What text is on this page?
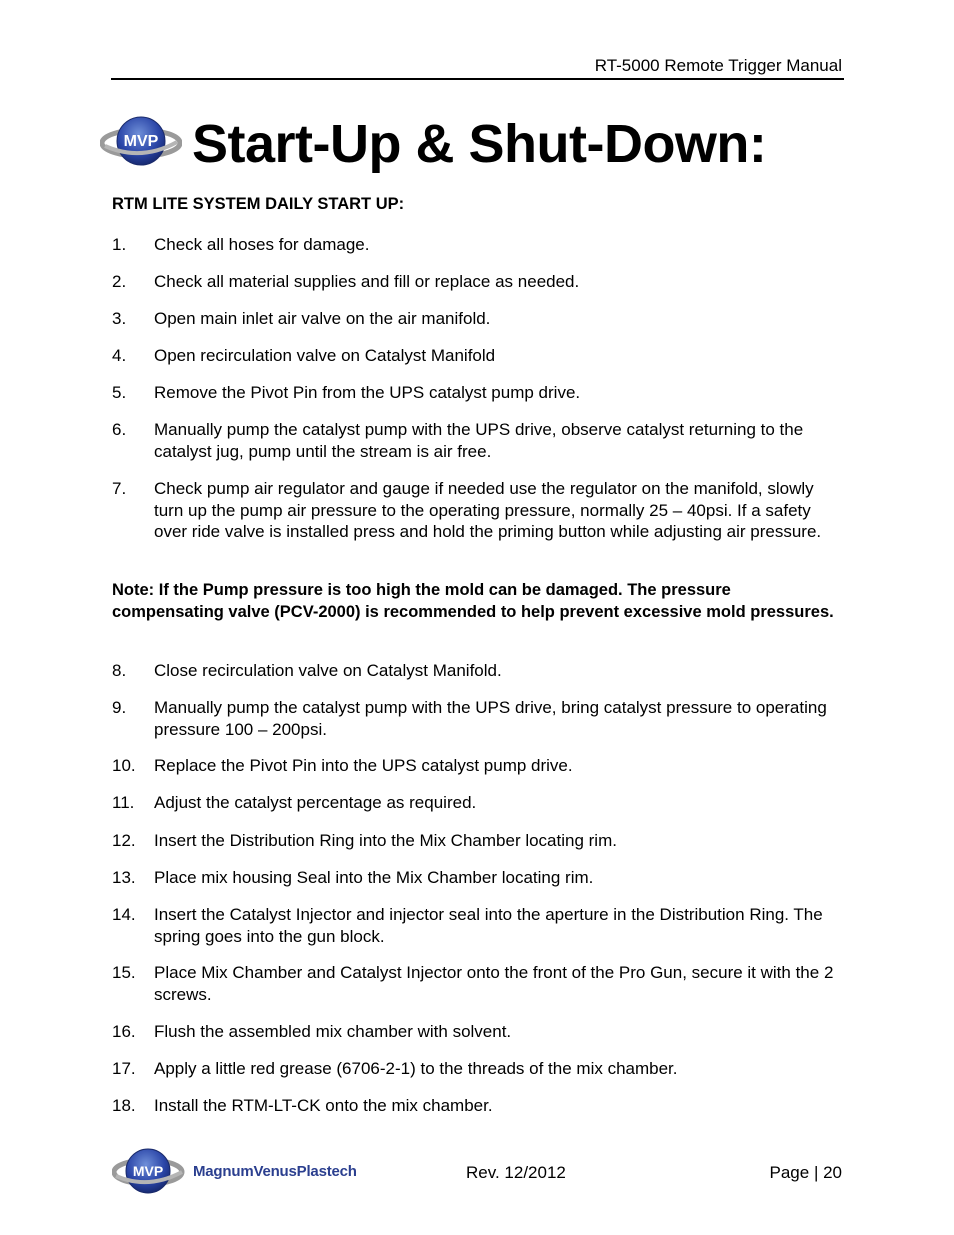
RT-5000 Remote Trigger Manual
MVP Start-Up & Shut-Down:
RTM LITE SYSTEM DAILY START UP:
1. Check all hoses for damage.
2. Check all material supplies and fill or replace as needed.
3. Open main inlet air valve on the air manifold.
4. Open recirculation valve on Catalyst Manifold
5. Remove the Pivot Pin from the UPS catalyst pump drive.
6. Manually pump the catalyst pump with the UPS drive, observe catalyst returning to the catalyst jug, pump until the stream is air free.
7. Check pump air regulator and gauge if needed use the regulator on the manifold, slowly turn up the pump air pressure to the operating pressure, normally 25 – 40psi. If a safety over ride valve is installed press and hold the priming button while adjusting air pressure.
Note: If the Pump pressure is too high the mold can be damaged. The pressure compensating valve (PCV-2000) is recommended to help prevent excessive mold pressures.
8. Close recirculation valve on Catalyst Manifold.
9. Manually pump the catalyst pump with the UPS drive, bring catalyst pressure to operating pressure 100 – 200psi.
10. Replace the Pivot Pin into the UPS catalyst pump drive.
11. Adjust the catalyst percentage as required.
12. Insert the Distribution Ring into the Mix Chamber locating rim.
13. Place mix housing Seal into the Mix Chamber locating rim.
14. Insert the Catalyst Injector and injector seal into the aperture in the Distribution Ring. The spring goes into the gun block.
15. Place Mix Chamber and Catalyst Injector onto the front of the Pro Gun, secure it with the 2 screws.
16. Flush the assembled mix chamber with solvent.
17. Apply a little red grease (6706-2-1) to the threads of the mix chamber.
18. Install the RTM-LT-CK onto the mix chamber.
MVP MagnumVenusPlastech	Rev. 12/2012	Page | 20
